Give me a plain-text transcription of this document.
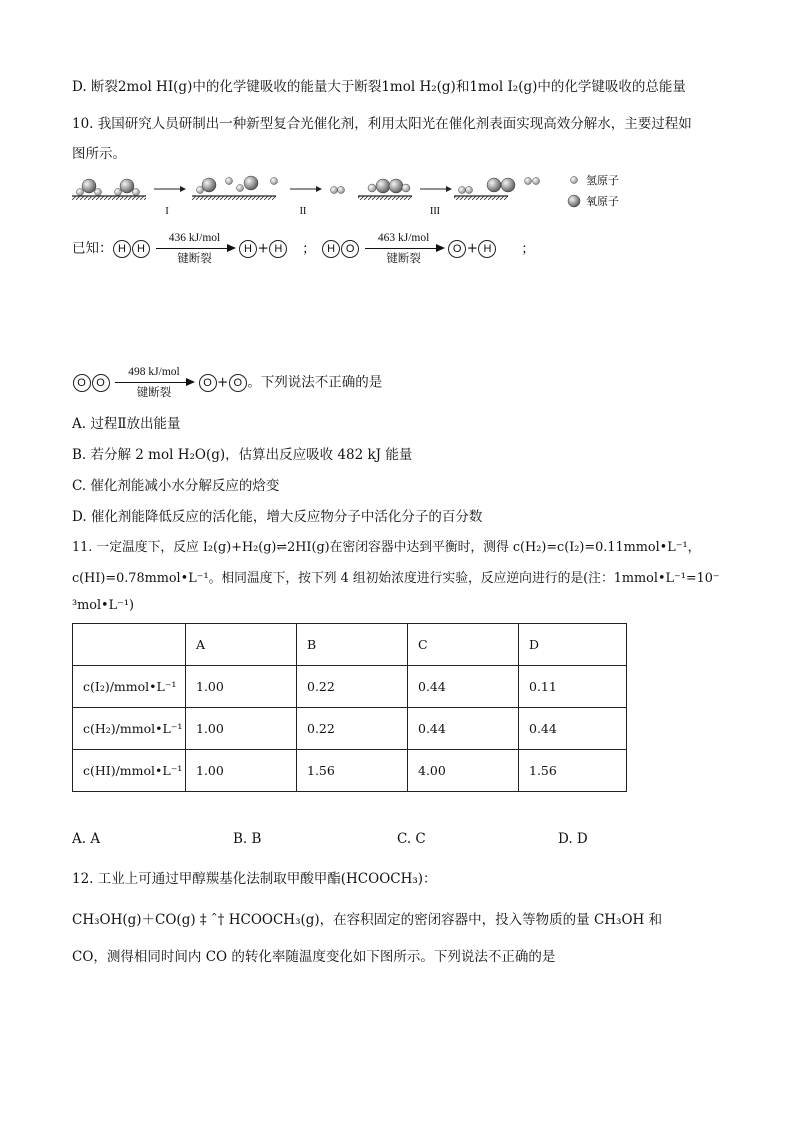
D. 断裂2mol HI(g)中的化学键吸收的能量大于断裂1mol H₂(g)和1mol I₂(g)中的化学键吸收的总能量
10. 我国研究人员研制出一种新型复合光催化剂，利用太阳光在催化剂表面实现高效分解水，主要过程如
图所示。
I	II	III
氢原子
氧原子
已知： H H
436 kJ/mol
键断裂
H + H ； H O
463 kJ/mol
键断裂
O + H ；
O O
498 kJ/mol
键断裂
O + O 。下列说法不正确的是
A. 过程Ⅱ放出能量
B. 若分解 2 mol H₂O(g)，估算出反应吸收 482 kJ 能量
C. 催化剂能减小水分解反应的焓变
D. 催化剂能降低反应的活化能，增大反应物分子中活化分子的百分数
11. 一定温度下，反应 I₂(g)+H₂(g)⇌2HI(g)在密闭容器中达到平衡时，测得 c(H₂)=c(I₂)=0.11mmol•L⁻¹，
c(HI)=0.78mmol•L⁻¹。相同温度下，按下列 4 组初始浓度进行实验，反应逆向进行的是(注：1mmol•L⁻¹=10⁻
³mol•L⁻¹)
	A	B	C	D
c(I₂)/mmol•L⁻¹	1.00	0.22	0.44	0.11
c(H₂)/mmol•L⁻¹	1.00	0.22	0.44	0.44
c(HI)/mmol•L⁻¹	1.00	1.56	4.00	1.56
A. A	B. B	C. C	D. D
12. 工业上可通过甲醇羰基化法制取甲酸甲酯(HCOOCH₃)：
CH₃OH(g)＋CO(g) ‡ ˆ† HCOOCH₃(g)，在容积固定的密闭容器中，投入等物质的量 CH₃OH 和
CO，测得相同时间内 CO 的转化率随温度变化如下图所示。下列说法不正确的是
